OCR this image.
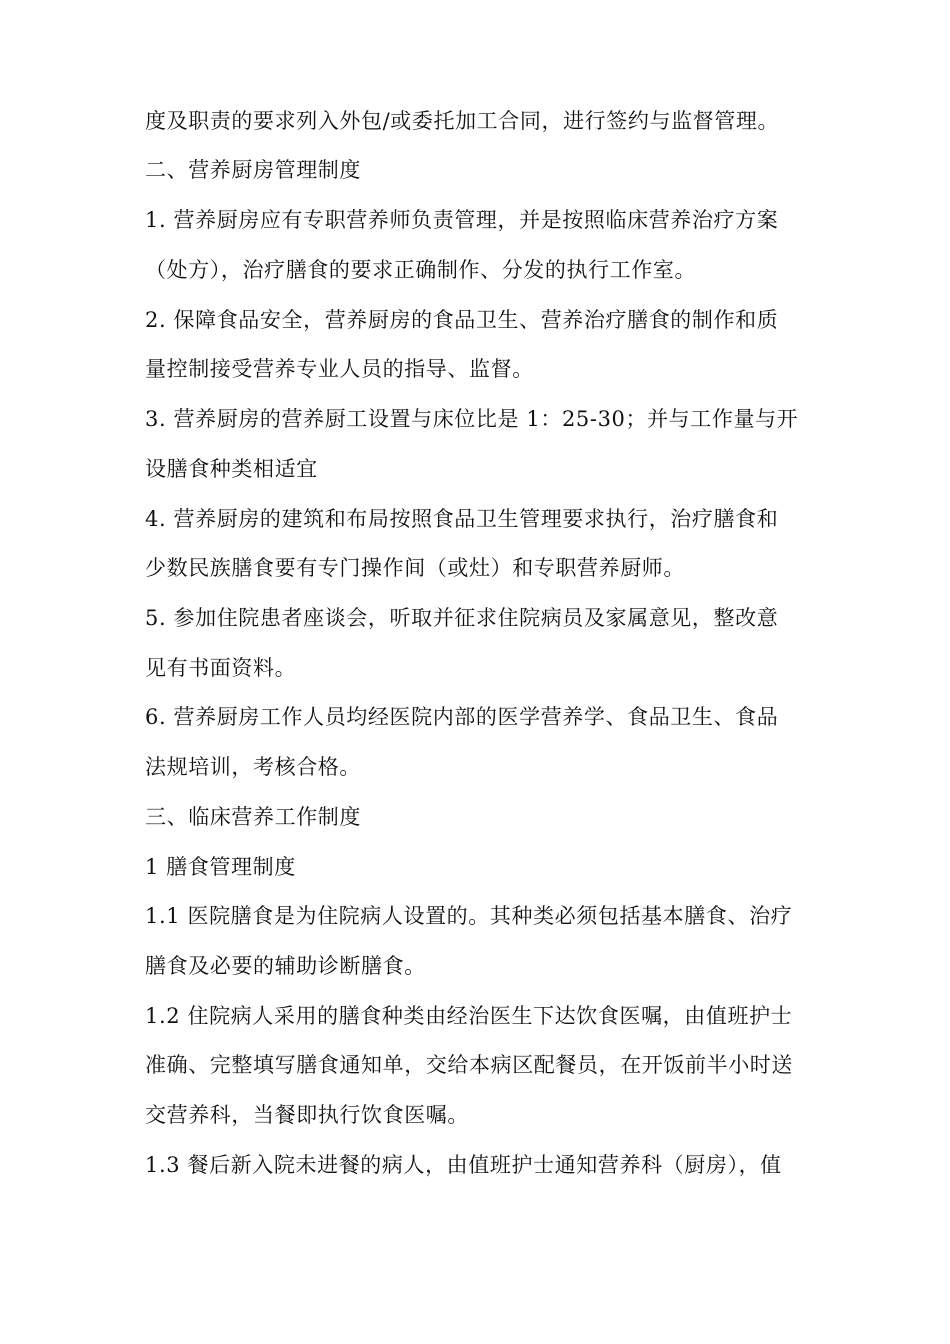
度及职责的要求列入外包/或委托加工合同，进行签约与监督管理。
二、营养厨房管理制度
1. 营养厨房应有专职营养师负责管理，并是按照临床营养治疗方案
（处方），治疗膳食的要求正确制作、分发的执行工作室。
2. 保障食品安全，营养厨房的食品卫生、营养治疗膳食的制作和质
量控制接受营养专业人员的指导、监督。
3. 营养厨房的营养厨工设置与床位比是 1：25-30；并与工作量与开
设膳食种类相适宜
4. 营养厨房的建筑和布局按照食品卫生管理要求执行，治疗膳食和
少数民族膳食要有专门操作间（或灶）和专职营养厨师。
5. 参加住院患者座谈会，听取并征求住院病员及家属意见，整改意
见有书面资料。
6. 营养厨房工作人员均经医院内部的医学营养学、食品卫生、食品
法规培训，考核合格。
三、临床营养工作制度
1 膳食管理制度
1.1 医院膳食是为住院病人设置的。其种类必须包括基本膳食、治疗
膳食及必要的辅助诊断膳食。
1.2 住院病人采用的膳食种类由经治医生下达饮食医嘱，由值班护士
准确、完整填写膳食通知单，交给本病区配餐员，在开饭前半小时送
交营养科，当餐即执行饮食医嘱。
1.3 餐后新入院未进餐的病人，由值班护士通知营养科（厨房），值
